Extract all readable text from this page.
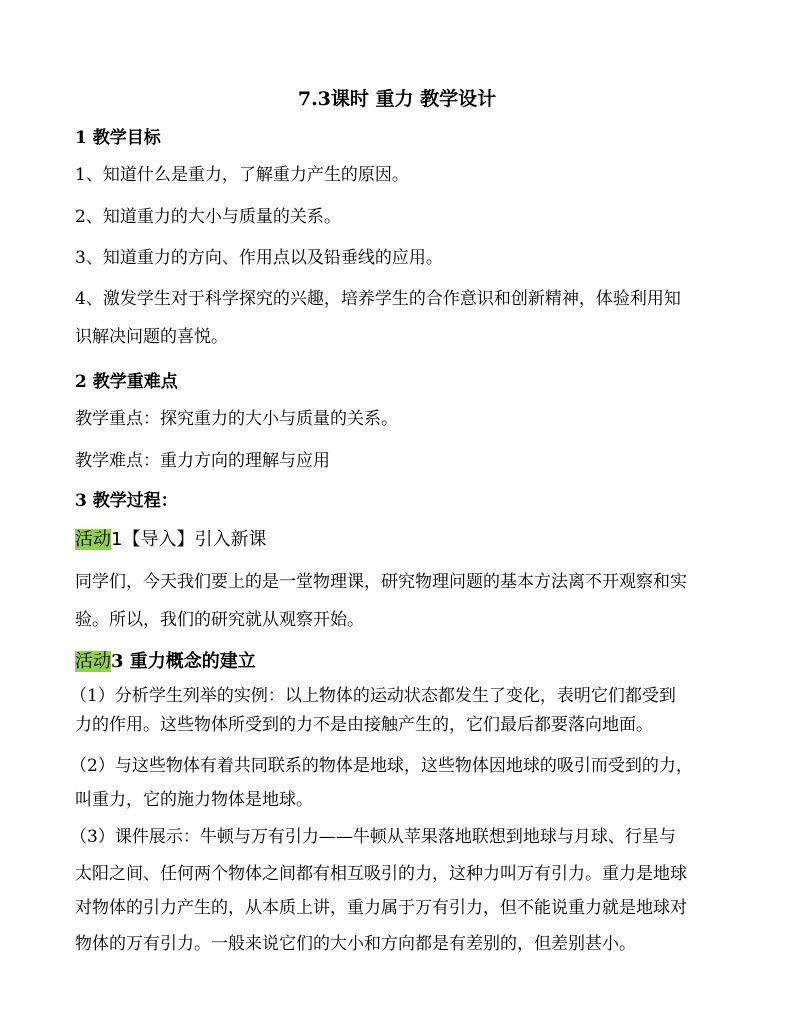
7.3课时 重力 教学设计
1 教学目标
1、知道什么是重力，了解重力产生的原因。
2、知道重力的大小与质量的关系。
3、知道重力的方向、作用点以及铅垂线的应用。
4、激发学生对于科学探究的兴趣，培养学生的合作意识和创新精神，体验利用知
识解决问题的喜悦。
2 教学重难点
教学重点：探究重力的大小与质量的关系。
教学难点：重力方向的理解与应用
3 教学过程：
活动1【导入】引入新课
同学们，今天我们要上的是一堂物理课，研究物理问题的基本方法离不开观察和实
验。所以，我们的研究就从观察开始。
活动3 重力概念的建立
（1）分析学生列举的实例：以上物体的运动状态都发生了变化，表明它们都受到
力的作用。这些物体所受到的力不是由接触产生的，它们最后都要落向地面。
（2）与这些物体有着共同联系的物体是地球，这些物体因地球的吸引而受到的力，
叫重力，它的施力物体是地球。
（3）课件展示：牛顿与万有引力——牛顿从苹果落地联想到地球与月球、行星与
太阳之间、任何两个物体之间都有相互吸引的力，这种力叫万有引力。重力是地球
对物体的引力产生的，从本质上讲，重力属于万有引力，但不能说重力就是地球对
物体的万有引力。一般来说它们的大小和方向都是有差别的，但差别甚小。
